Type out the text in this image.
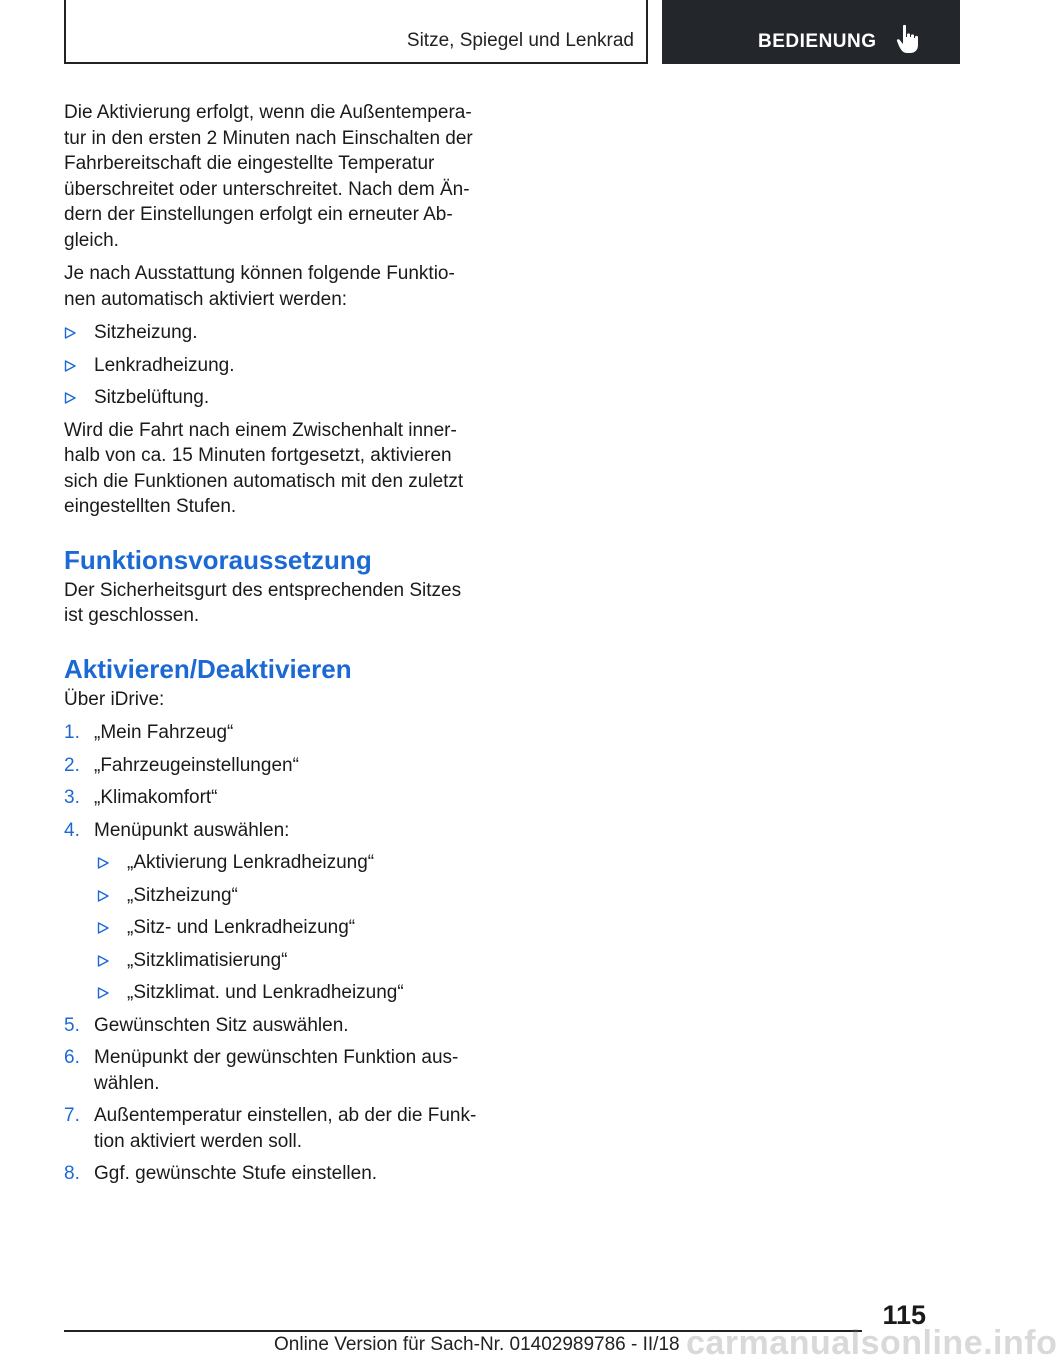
Sitze, Spiegel und Lenkrad	BEDIENUNG

Die Aktivierung erfolgt, wenn die Außentempera-tur in den ersten 2 Minuten nach Einschalten der Fahrbereitschaft die eingestellte Temperatur überschreitet oder unterschreitet. Nach dem Än-dern der Einstellungen erfolgt ein erneuter Ab-gleich.

Je nach Ausstattung können folgende Funktio-nen automatisch aktiviert werden:

Sitzheizung.
Lenkradheizung.
Sitzbelüftung.

Wird die Fahrt nach einem Zwischenhalt inner-halb von ca. 15 Minuten fortgesetzt, aktivieren sich die Funktionen automatisch mit den zuletzt eingestellten Stufen.

Funktionsvoraussetzung

Der Sicherheitsgurt des entsprechenden Sitzes ist geschlossen.

Aktivieren/Deaktivieren

Über iDrive:

1. „Mein Fahrzeug“
2. „Fahrzeugeinstellungen“
3. „Klimakomfort“
4. Menüpunkt auswählen:
„Aktivierung Lenkradheizung“
„Sitzheizung“
„Sitz- und Lenkradheizung“
„Sitzklimatisierung“
„Sitzklimat. und Lenkradheizung“
5. Gewünschten Sitz auswählen.
6. Menüpunkt der gewünschten Funktion aus-wählen.
7. Außentemperatur einstellen, ab der die Funk-tion aktiviert werden soll.
8. Ggf. gewünschte Stufe einstellen.
115
Online Version für Sach-Nr. 01402989786 - II/18 carmanualsonline.info
